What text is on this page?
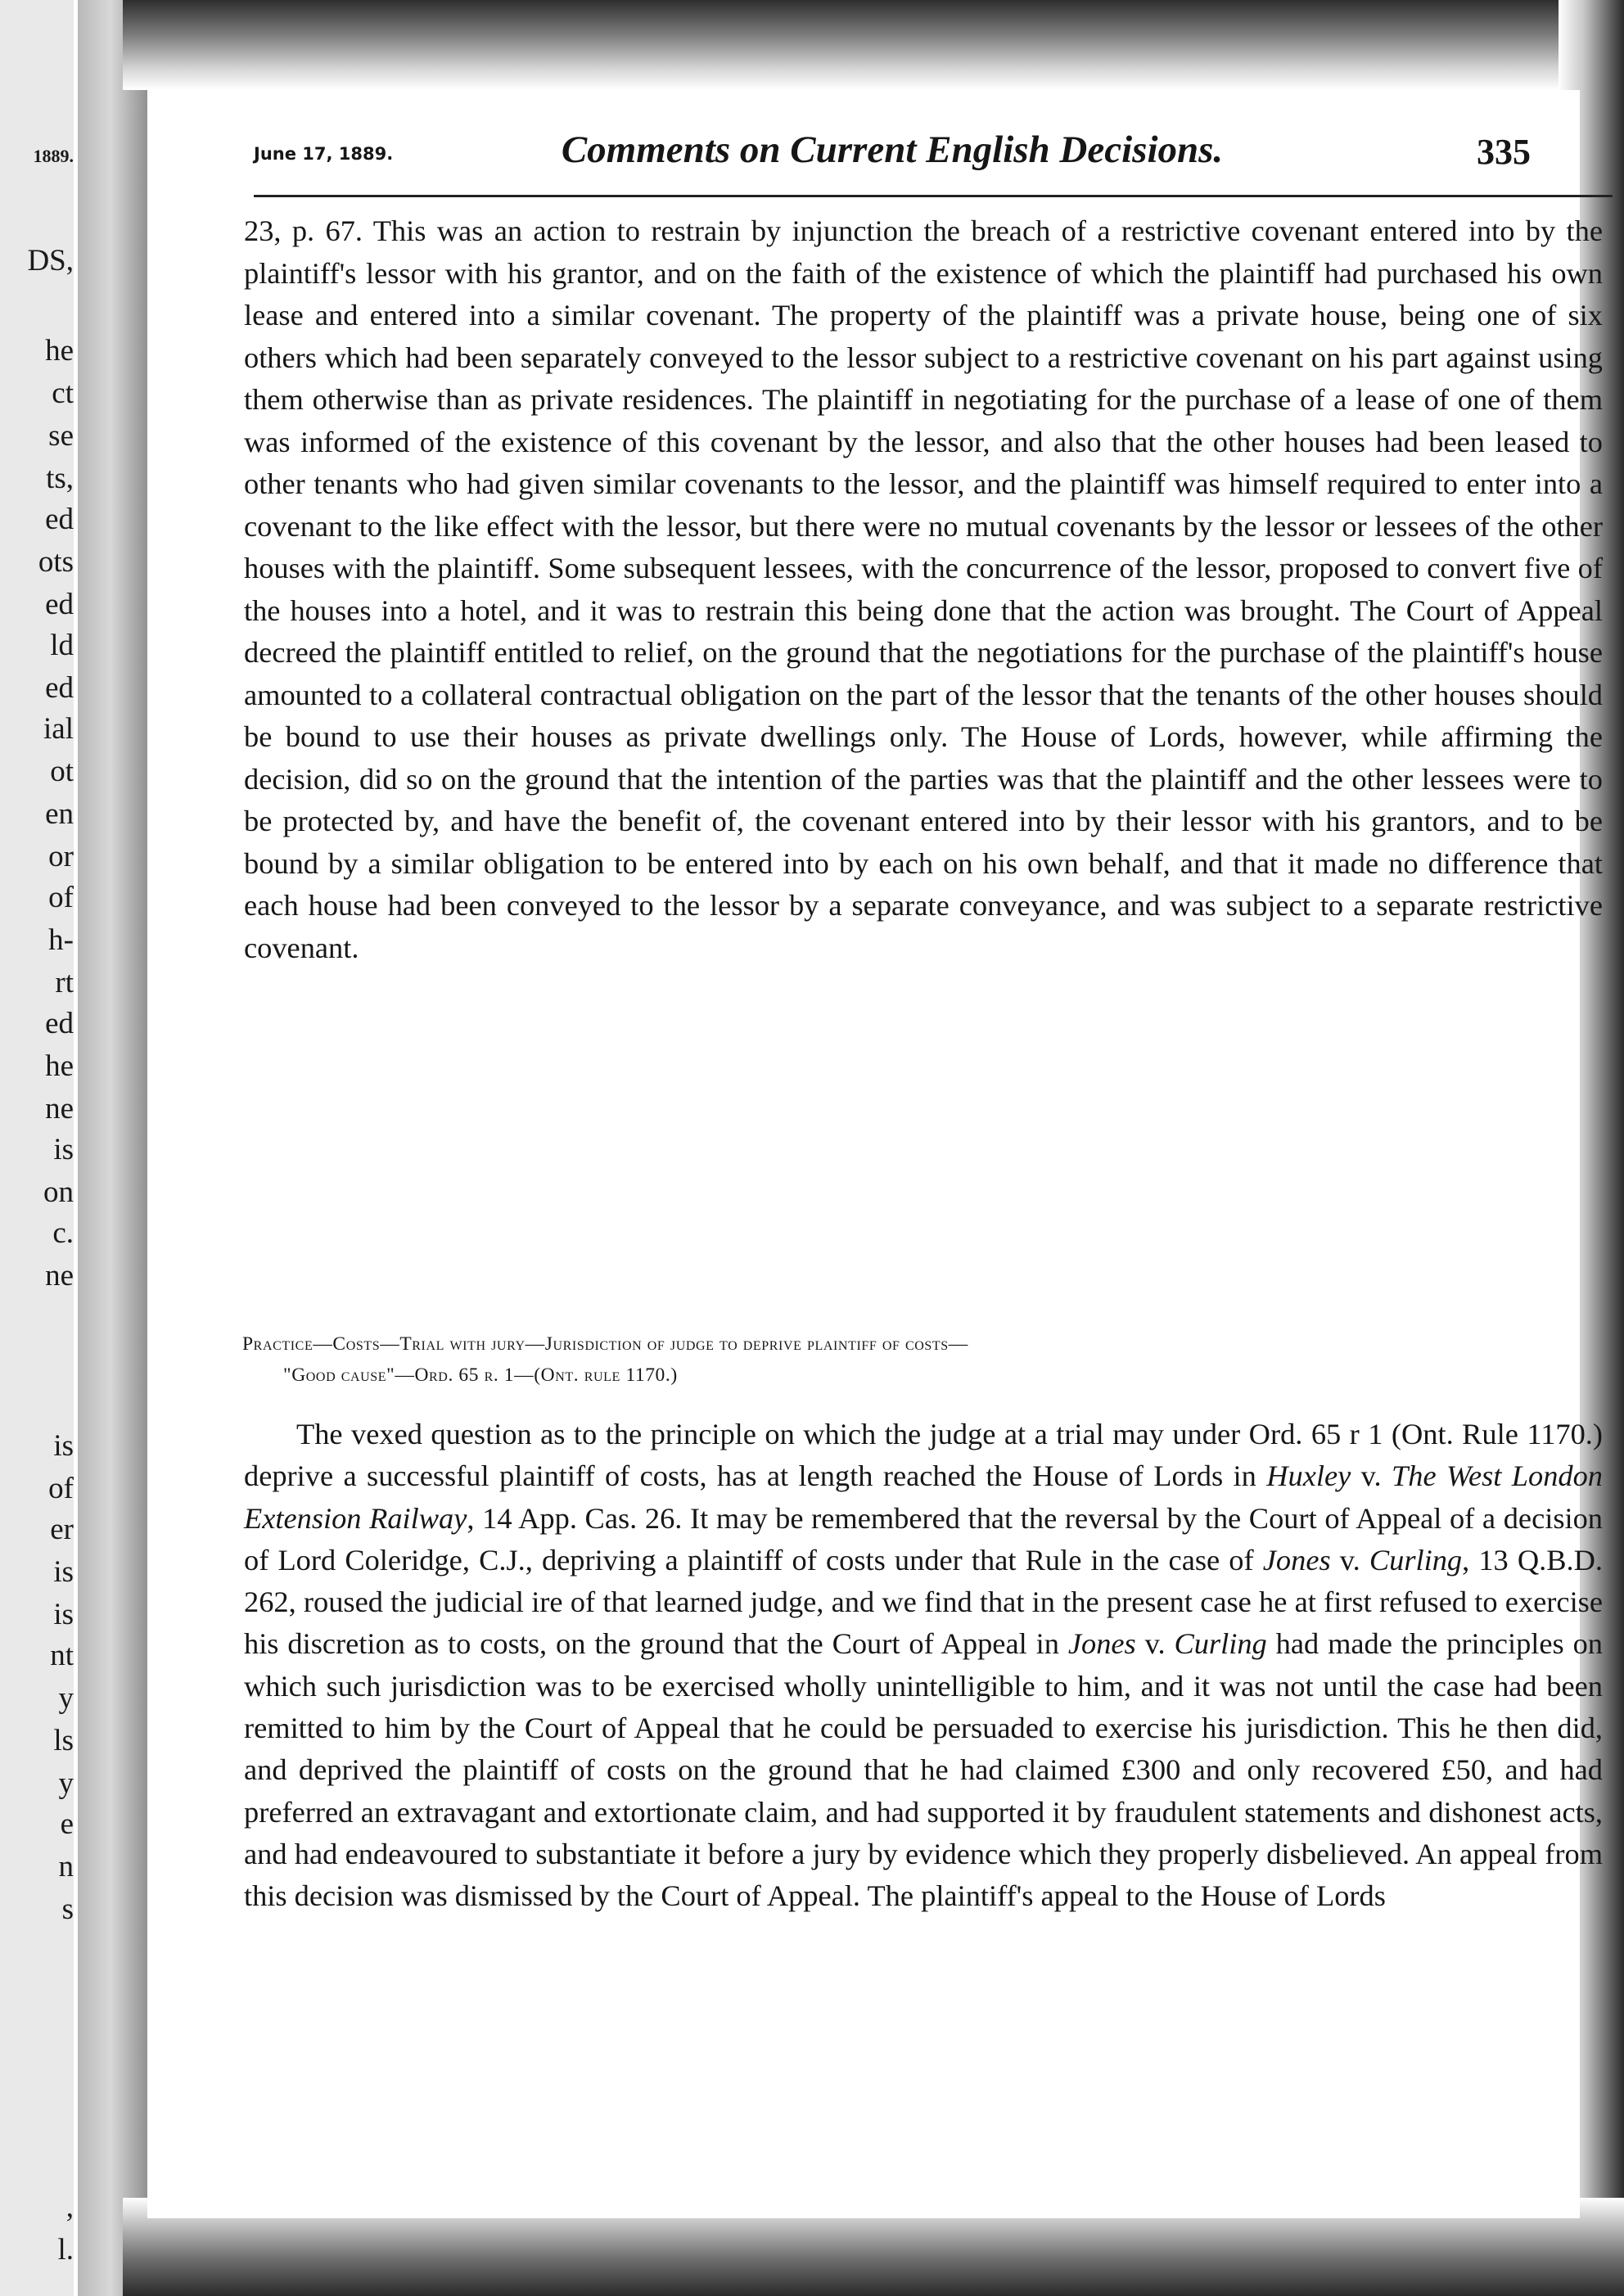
1889.
DS,
he
ct
se
ts,
ed
ots
ed
ld
ed
ial
ot
en
or
of
h-
rt
ed
he
ne
is
on
c.
ne
is
of
er
is
is
nt
y
ls
y
e
n
s
,
l.
June 17, 1889.	Comments on Current English Decisions.	335

23, p. 67. This was an action to restrain by injunction the breach of a restrictive covenant entered into by the plaintiff's lessor with his grantor, and on the faith of the existence of which the plaintiff had purchased his own lease and entered into a similar covenant. The property of the plaintiff was a private house, being one of six others which had been separately conveyed to the lessor subject to a restrictive covenant on his part against using them otherwise than as private residences. The plaintiff in negotiating for the purchase of a lease of one of them was informed of the existence of this covenant by the lessor, and also that the other houses had been leased to other tenants who had given similar covenants to the lessor, and the plaintiff was himself required to enter into a covenant to the like effect with the lessor, but there were no mutual covenants by the lessor or lessees of the other houses with the plaintiff. Some subsequent lessees, with the concurrence of the lessor, proposed to convert five of the houses into a hotel, and it was to restrain this being done that the action was brought. The Court of Appeal decreed the plaintiff entitled to relief, on the ground that the negotiations for the purchase of the plaintiff's house amounted to a collateral contractual obligation on the part of the lessor that the tenants of the other houses should be bound to use their houses as private dwellings only. The House of Lords, however, while affirming the decision, did so on the ground that the intention of the parties was that the plaintiff and the other lessees were to be protected by, and have the benefit of, the covenant entered into by their lessor with his grantors, and to be bound by a similar obligation to be entered into by each on his own behalf, and that it made no difference that each house had been conveyed to the lessor by a separate conveyance, and was subject to a separate restrictive covenant.

Practice—Costs—Trial with jury—Jurisdiction of judge to deprive plaintiff of costs—
"Good cause"—Ord. 65 r. 1—(Ont. rule 1170.)

The vexed question as to the principle on which the judge at a trial may under Ord. 65 r 1 (Ont. Rule 1170.) deprive a successful plaintiff of costs, has at length reached the House of Lords in Huxley v. The West London Extension Railway, 14 App. Cas. 26. It may be remembered that the reversal by the Court of Appeal of a decision of Lord Coleridge, C.J., depriving a plaintiff of costs under that Rule in the case of Jones v. Curling, 13 Q.B.D. 262, roused the judicial ire of that learned judge, and we find that in the present case he at first refused to exercise his discretion as to costs, on the ground that the Court of Appeal in Jones v. Curling had made the principles on which such jurisdiction was to be exercised wholly unintelligible to him, and it was not until the case had been remitted to him by the Court of Appeal that he could be persuaded to exercise his jurisdiction. This he then did, and deprived the plaintiff of costs on the ground that he had claimed £300 and only recovered £50, and had preferred an extravagant and extortionate claim, and had supported it by fraudulent statements and dishonest acts, and had endeavoured to substantiate it before a jury by evidence which they properly disbelieved. An appeal from this decision was dismissed by the Court of Appeal. The plaintiff's appeal to the House of Lords
